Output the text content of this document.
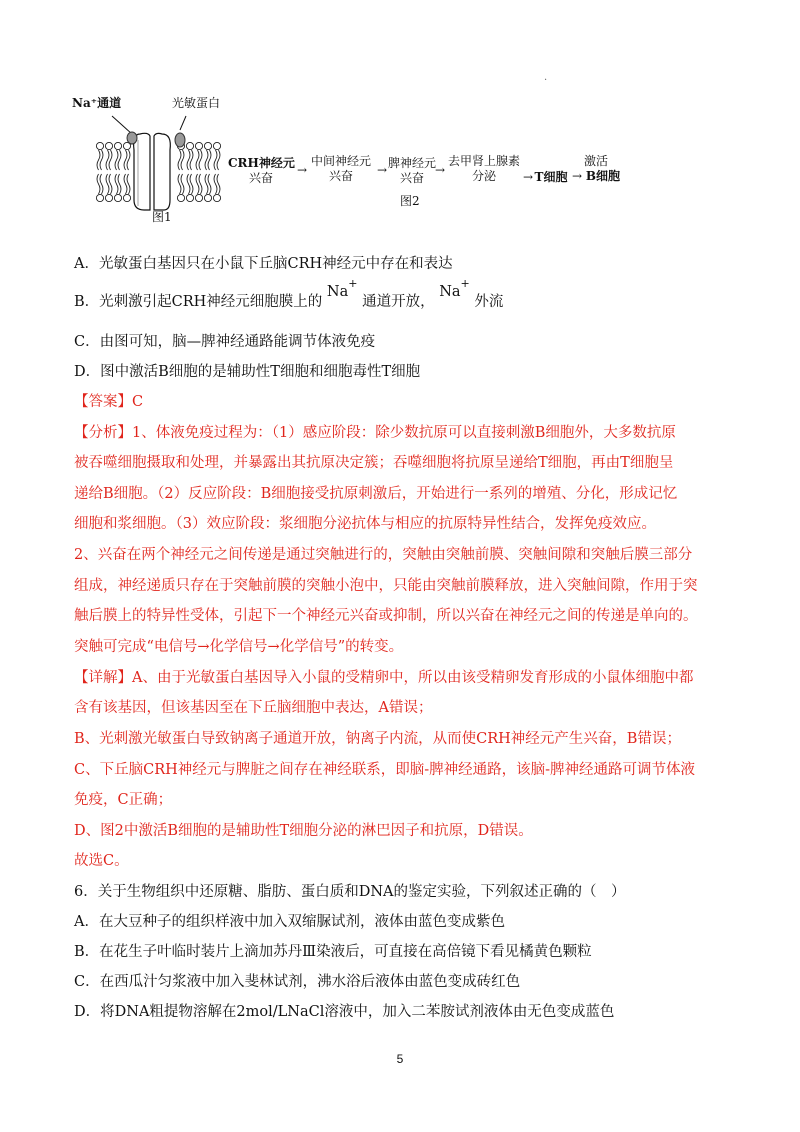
.
Na⁺通道	光敏蛋白
图1
CRH神经元
兴奋
→
中间神经元
兴奋	→ 脾神经元
兴奋
→
去甲肾上腺素
分泌	→ T细胞
激活
→ B细胞
图2
A．光敏蛋白基因只在小鼠下丘脑CRH神经元中存在和表达
B．光刺激引起CRH神经元细胞膜上的 Na+ 通道开放， Na+ 外流
C．由图可知，脑—脾神经通路能调节体液免疫
D．图中激活B细胞的是辅助性T细胞和细胞毒性T细胞
【答案】C
【分析】1、体液免疫过程为：（1）感应阶段：除少数抗原可以直接刺激B细胞外，大多数抗原
被吞噬细胞摄取和处理，并暴露出其抗原决定簇；吞噬细胞将抗原呈递给T细胞，再由T细胞呈
递给B细胞。（2）反应阶段：B细胞接受抗原刺激后，开始进行一系列的增殖、分化，形成记忆
细胞和浆细胞。（3）效应阶段：浆细胞分泌抗体与相应的抗原特异性结合，发挥免疫效应。
2、兴奋在两个神经元之间传递是通过突触进行的，突触由突触前膜、突触间隙和突触后膜三部分
组成，神经递质只存在于突触前膜的突触小泡中，只能由突触前膜释放，进入突触间隙，作用于突
触后膜上的特异性受体，引起下一个神经元兴奋或抑制，所以兴奋在神经元之间的传递是单向的。
突触可完成“电信号→化学信号→化学信号”的转变。
【详解】A、由于光敏蛋白基因导入小鼠的受精卵中，所以由该受精卵发育形成的小鼠体细胞中都
含有该基因，但该基因至在下丘脑细胞中表达，A错误；
B、光刺激光敏蛋白导致钠离子通道开放，钠离子内流，从而使CRH神经元产生兴奋，B错误；
C、下丘脑CRH神经元与脾脏之间存在神经联系，即脑-脾神经通路，该脑-脾神经通路可调节体液
免疫，C正确；
D、图2中激活B细胞的是辅助性T细胞分泌的淋巴因子和抗原，D错误。
故选C。
6．关于生物组织中还原糖、脂肪、蛋白质和DNA的鉴定实验，下列叙述正确的（　）
A．在大豆种子的组织样液中加入双缩脲试剂，液体由蓝色变成紫色
B．在花生子叶临时装片上滴加苏丹Ⅲ染液后，可直接在高倍镜下看见橘黄色颗粒
C．在西瓜汁匀浆液中加入斐林试剂，沸水浴后液体由蓝色变成砖红色
D．将DNA粗提物溶解在2mol/LNaCl溶液中，加入二苯胺试剂液体由无色变成蓝色
5
